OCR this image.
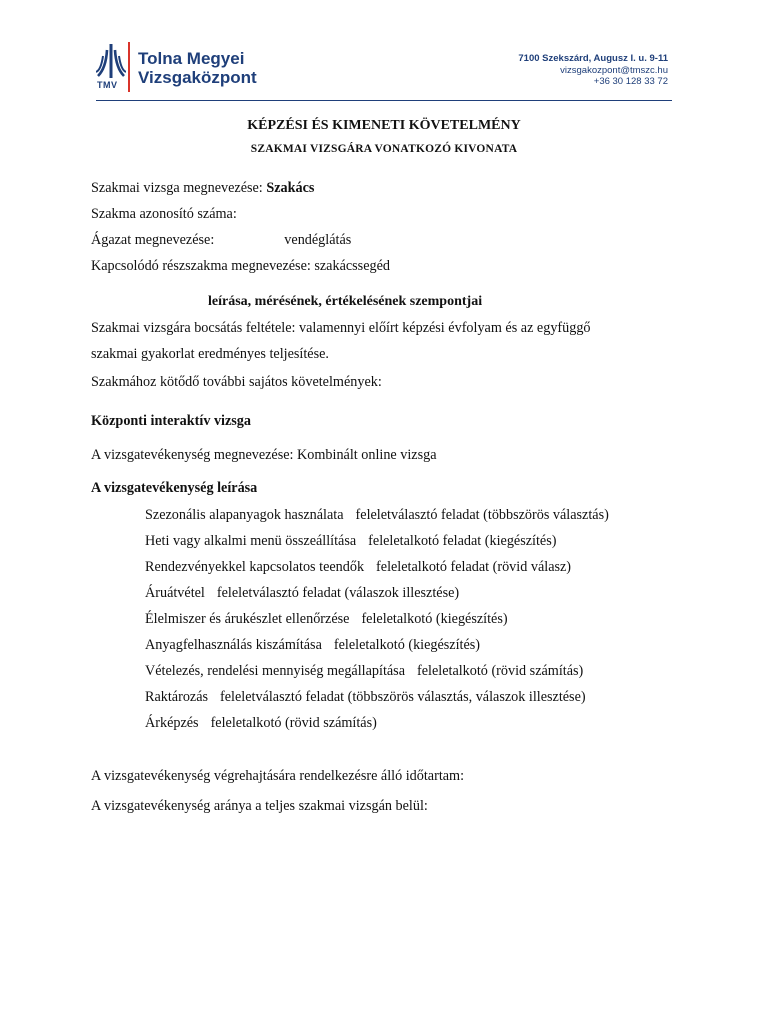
TMV
Tolna Megyei
Vizsgaközpont
7100 Szekszárd, Augusz I. u. 9-11
vizsgakozpont@tmszc.hu
+36 30 128 33 72
KÉPZÉSI ÉS KIMENETI KÖVETELMÉNY
SZAKMAI VIZSGÁRA VONATKOZÓ KIVONATA
Szakmai vizsga megnevezése: Szakács
Szakma azonosító száma:
Ágazat megnevezése:	vendéglátás
Kapcsolódó részszakma megnevezése: szakácssegéd
leírása, mérésének, értékelésének szempontjai
Szakmai vizsgára bocsátás feltétele: valamennyi előírt képzési évfolyam és az egyfüggő
szakmai gyakorlat eredményes teljesítése.
Szakmához kötődő további sajátos követelmények:
Központi interaktív vizsga
A vizsgatevékenység megnevezése: Kombinált online vizsga
A vizsgatevékenység leírása
Szezonális alapanyagok használata feleletválasztó feladat (többszörös választás)
Heti vagy alkalmi menü összeállítása feleletalkotó feladat (kiegészítés)
Rendezvényekkel kapcsolatos teendők feleletalkotó feladat (rövid válasz)
Áruátvétel feleletválasztó feladat (válaszok illesztése)
Élelmiszer és árukészlet ellenőrzése feleletalkotó (kiegészítés)
Anyagfelhasználás kiszámítása feleletalkotó (kiegészítés)
Vételezés, rendelési mennyiség megállapítása feleletalkotó (rövid számítás)
Raktározás feleletválasztó feladat (többszörös választás, válaszok illesztése)
Árképzés feleletalkotó (rövid számítás)
A vizsgatevékenység végrehajtására rendelkezésre álló időtartam:
A vizsgatevékenység aránya a teljes szakmai vizsgán belül:
